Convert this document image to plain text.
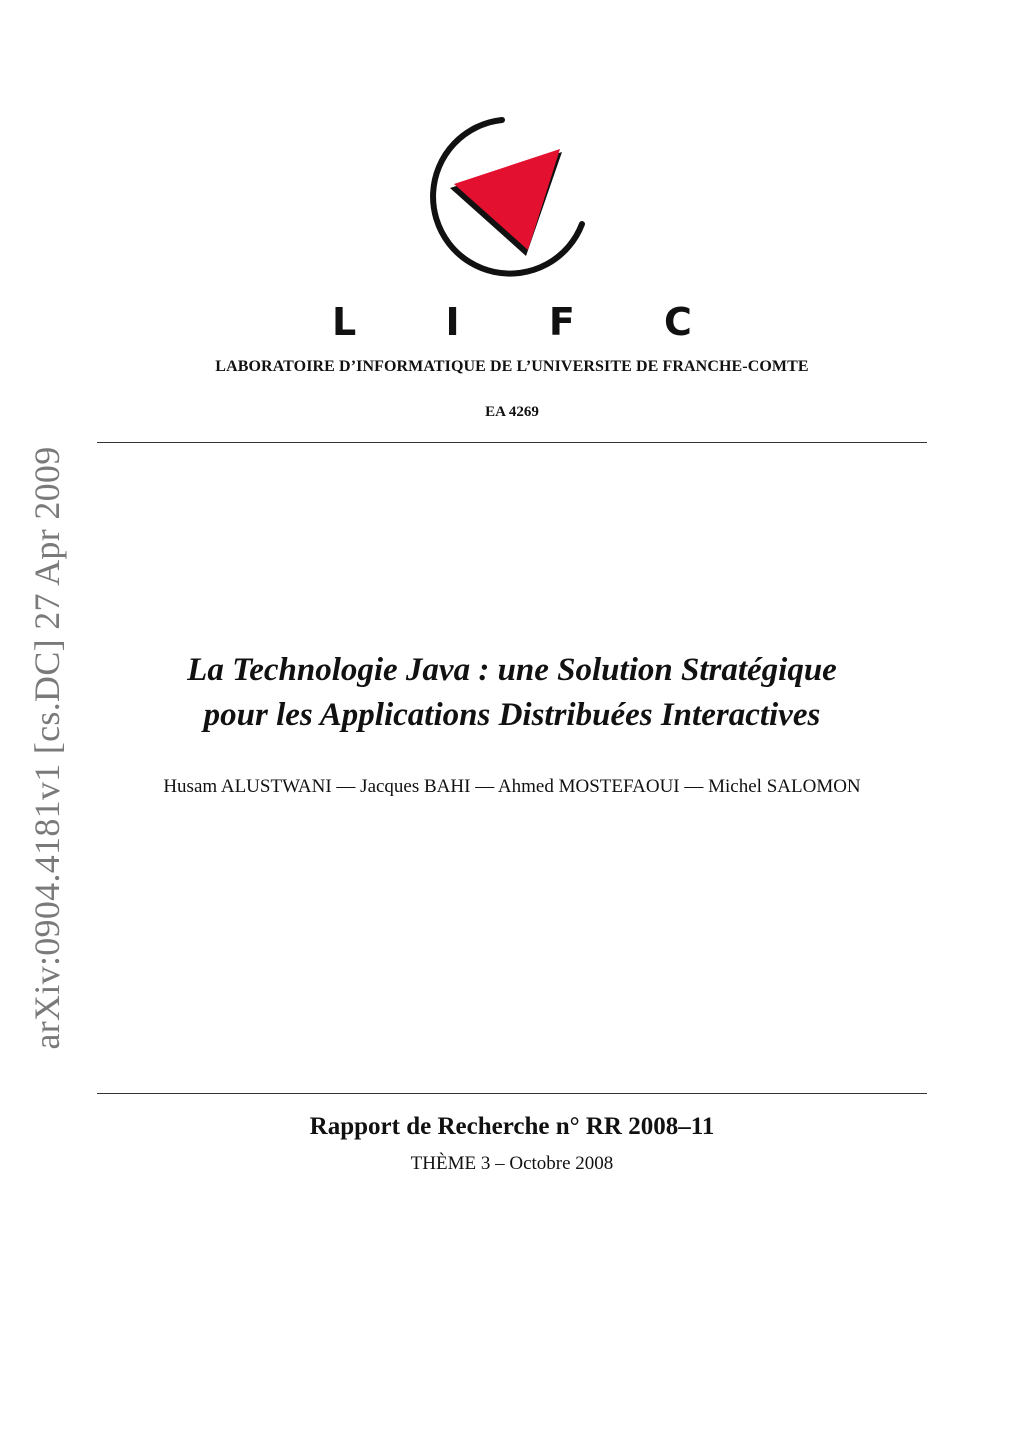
L I F C
LABORATOIRE D’INFORMATIQUE DE L’UNIVERSITE DE FRANCHE-COMTE
EA 4269
arXiv:0904.4181v1 [cs.DC] 27 Apr 2009	La Technologie Java : une Solution Stratégique
pour les Applications Distribuées Interactives
Husam ALUSTWANI — Jacques BAHI — Ahmed MOSTEFAOUI — Michel SALOMON
Rapport de Recherche n° RR 2008–11
THÈME 3 – Octobre 2008
